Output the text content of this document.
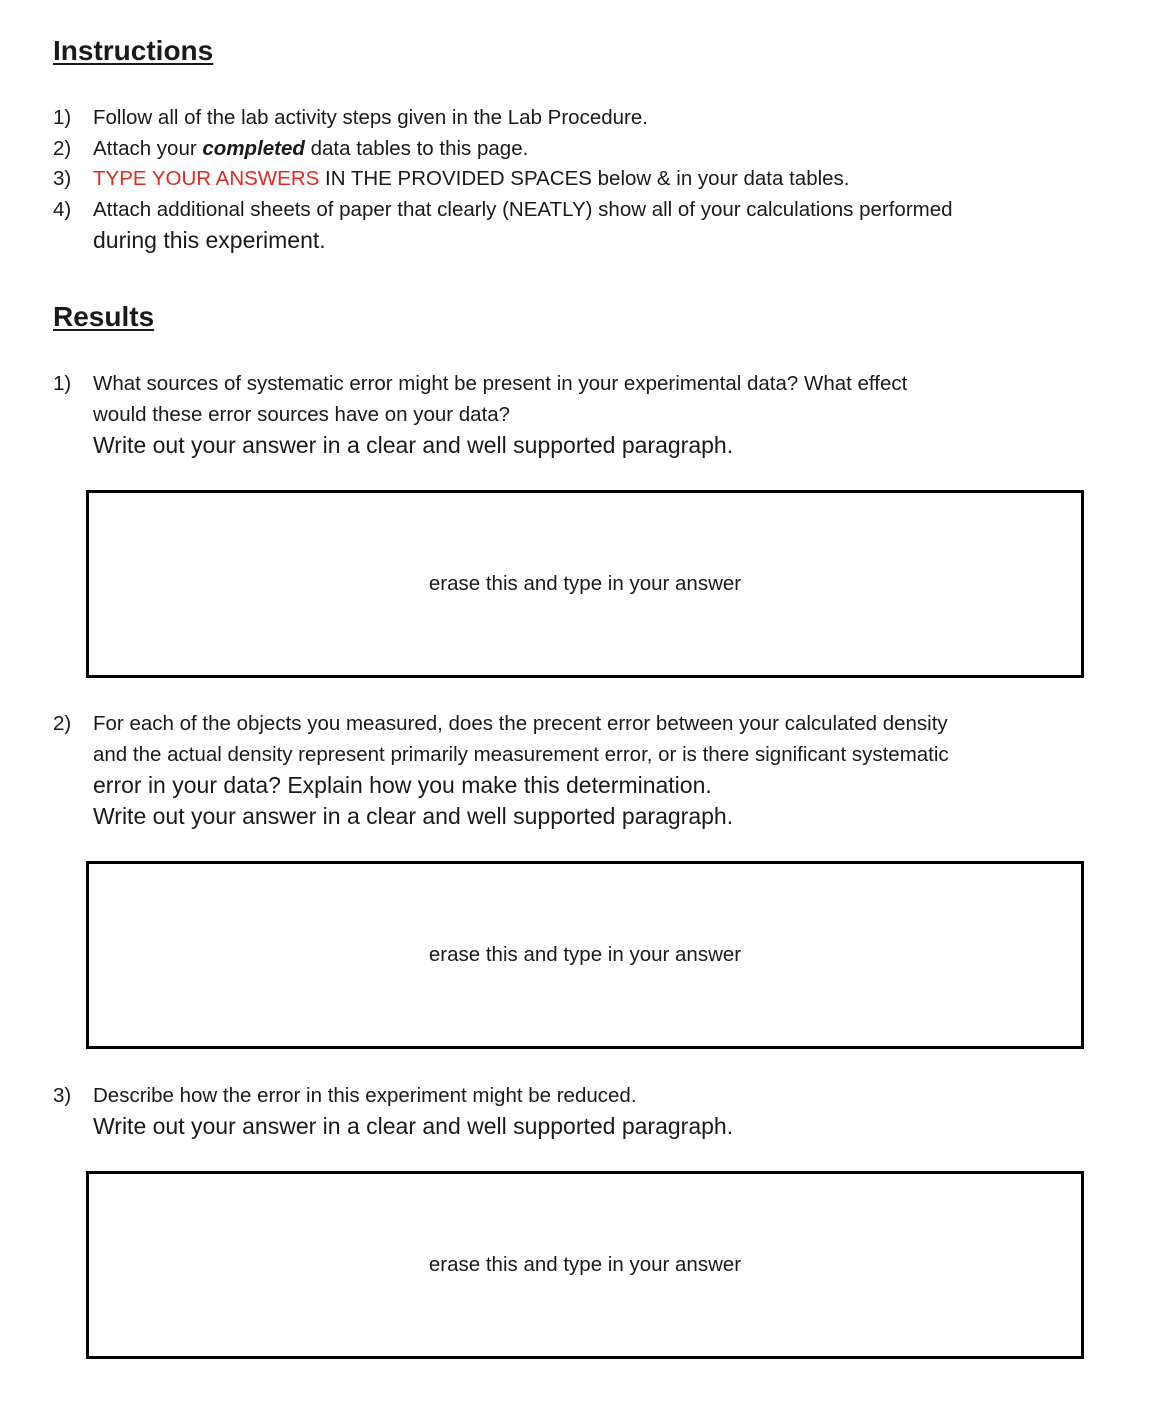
Instructions
1)	Follow all of the lab activity steps given in the Lab Procedure.
2)	Attach your completed data tables to this page.
3)	TYPE YOUR ANSWERS IN THE PROVIDED SPACES below & in your data tables.
4)	Attach additional sheets of paper that clearly (NEATLY) show all of your calculations performed
during this experiment.
Results
1)	What sources of systematic error might be present in your experimental data? What effect
would these error sources have on your data?
Write out your answer in a clear and well supported paragraph.
erase this and type in your answer
2)	For each of the objects you measured, does the precent error between your calculated density
and the actual density represent primarily measurement error, or is there significant systematic
error in your data? Explain how you make this determination.
Write out your answer in a clear and well supported paragraph.
erase this and type in your answer
3)	Describe how the error in this experiment might be reduced.
Write out your answer in a clear and well supported paragraph.
erase this and type in your answer
